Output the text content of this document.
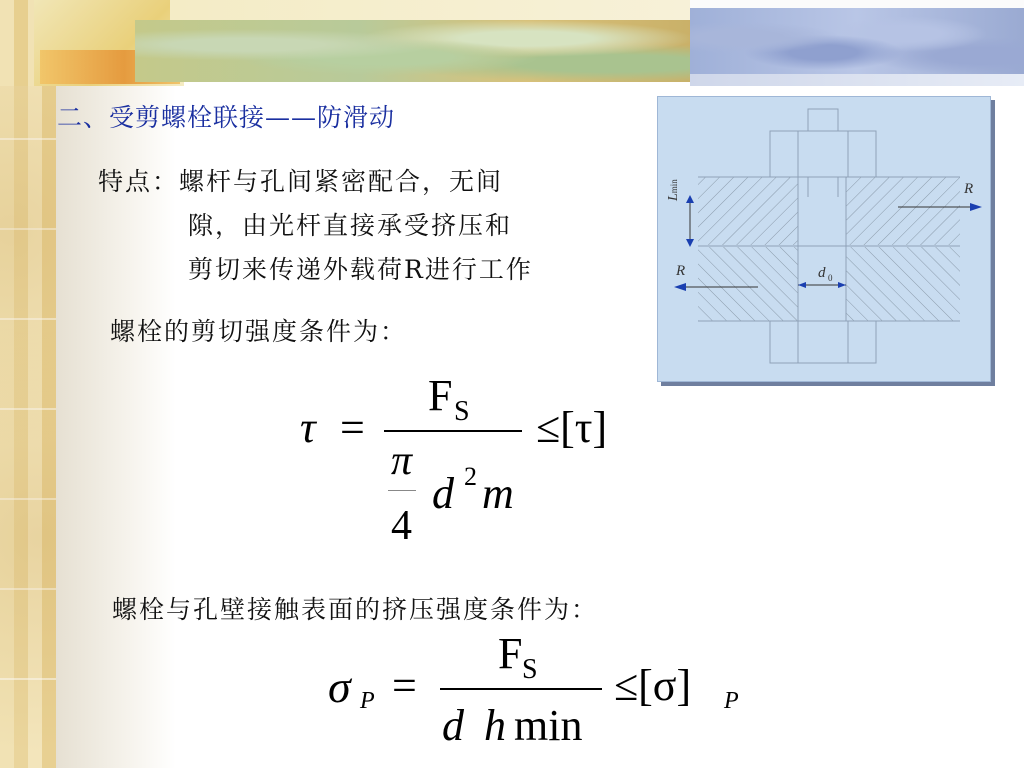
二、受剪螺栓联接——防滑动
特点：螺杆与孔间紧密配合，无间
隙，由光杆直接承受挤压和
剪切来传递外载荷R进行工作
螺栓的剪切强度条件为：
τ =
F S
π
4
d 2 m
≤[τ]
螺栓与孔壁接触表面的挤压强度条件为：
σ P =
F S
d h min
≤[σ] P
R
R	d 0
Lmin
